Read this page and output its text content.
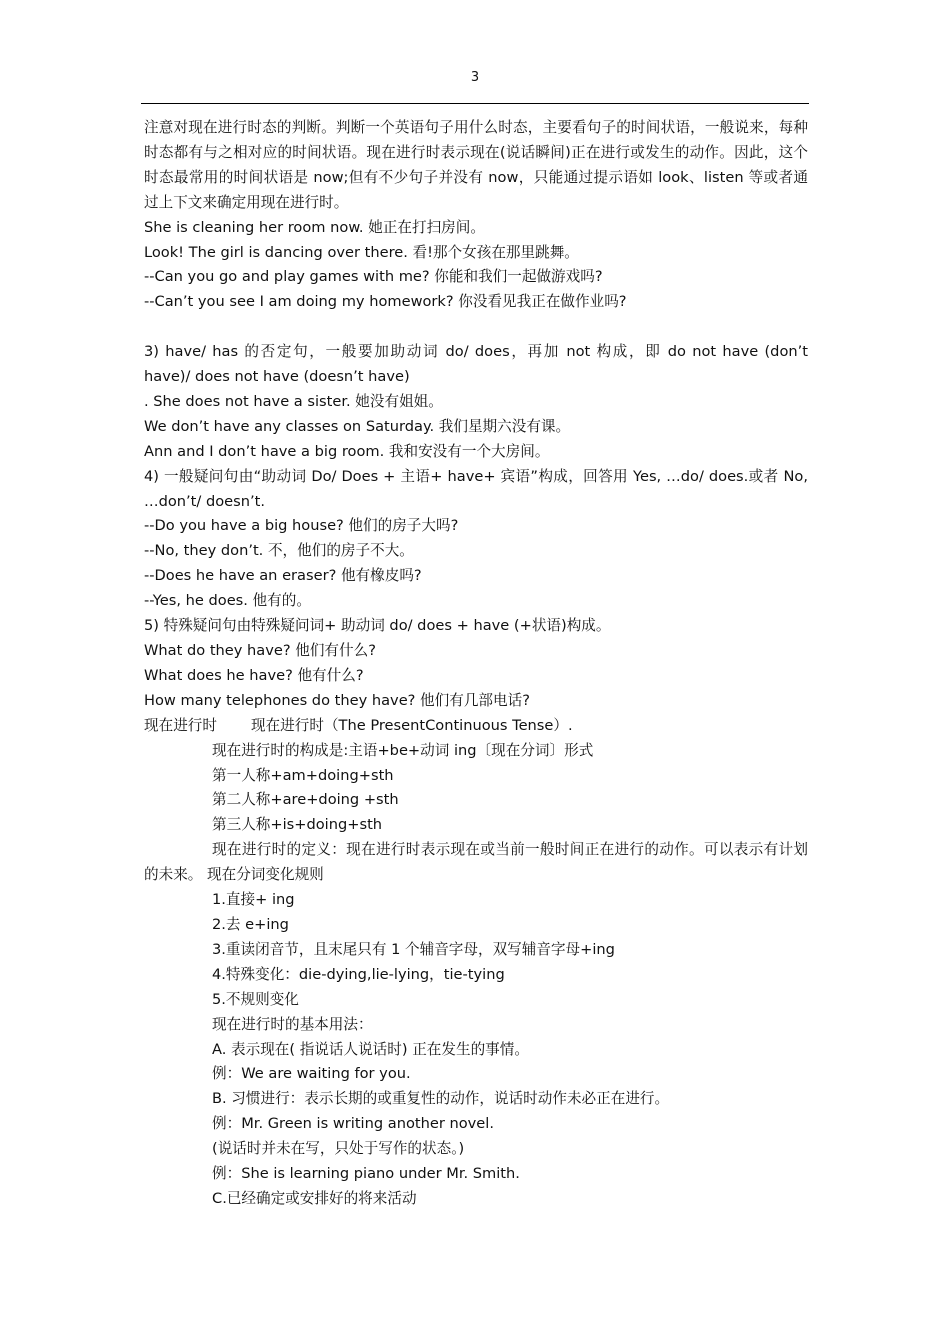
3

注意对现在进行时态的判断。判断一个英语句子用什么时态，主要看句子的时间状语，一般说来，每种时态都有与之相对应的时间状语。现在进行时表示现在(说话瞬间)正在进行或发生的动作。因此，这个时态最常用的时间状语是 now;但有不少句子并没有 now，只能通过提示语如 look、listen 等或者通过上下文来确定用现在进行时。

She is cleaning her room now. 她正在打扫房间。

Look! The girl is dancing over there. 看!那个女孩在那里跳舞。

--Can you go and play games with me? 你能和我们一起做游戏吗?

--Can’t you see I am doing my homework? 你没看见我正在做作业吗?

3) have/ has 的否定句，一般要加助动词 do/ does，再加 not 构成，即 do not have (don’t have)/ does not have (doesn’t have)

. She does not have a sister. 她没有姐姐。

We don’t have any classes on Saturday. 我们星期六没有课。

Ann and I don’t have a big room. 我和安没有一个大房间。

4) 一般疑问句由“助动词 Do/ Does + 主语+ have+ 宾语”构成，回答用 Yes, …do/ does.或者 No, …don’t/ doesn’t.

--Do you have a big house? 他们的房子大吗?

--No, they don’t. 不，他们的房子不大。

--Does he have an eraser? 他有橡皮吗?

--Yes, he does. 他有的。

5) 特殊疑问句由特殊疑问词+ 助动词 do/ does + have (+状语)构成。

What do they have? 他们有什么?

What does he have? 他有什么?

How many telephones do they have? 他们有几部电话?

现在进行时 现在进行时（The PresentContinuous Tense）.

现在进行时的构成是:主语+be+动词 ing〔现在分词〕形式

第一人称+am+doing+sth

第二人称+are+doing +sth

第三人称+is+doing+sth

现在进行时的定义：现在进行时表示现在或当前一般时间正在进行的动作。可以表示有计划的未来。 现在分词变化规则

1.直接+ ing

2.去 e+ing

3.重读闭音节，且末尾只有 1 个辅音字母，双写辅音字母+ing

4.特殊变化：die-dying,lie-lying，tie-tying

5.不规则变化

现在进行时的基本用法：

A. 表示现在( 指说话人说话时) 正在发生的事情。

例：We are waiting for you.

B. 习惯进行：表示长期的或重复性的动作，说话时动作未必正在进行。

例：Mr. Green is writing another novel.

(说话时并未在写，只处于写作的状态。)

例：She is learning piano under Mr. Smith.

C.已经确定或安排好的将来活动
